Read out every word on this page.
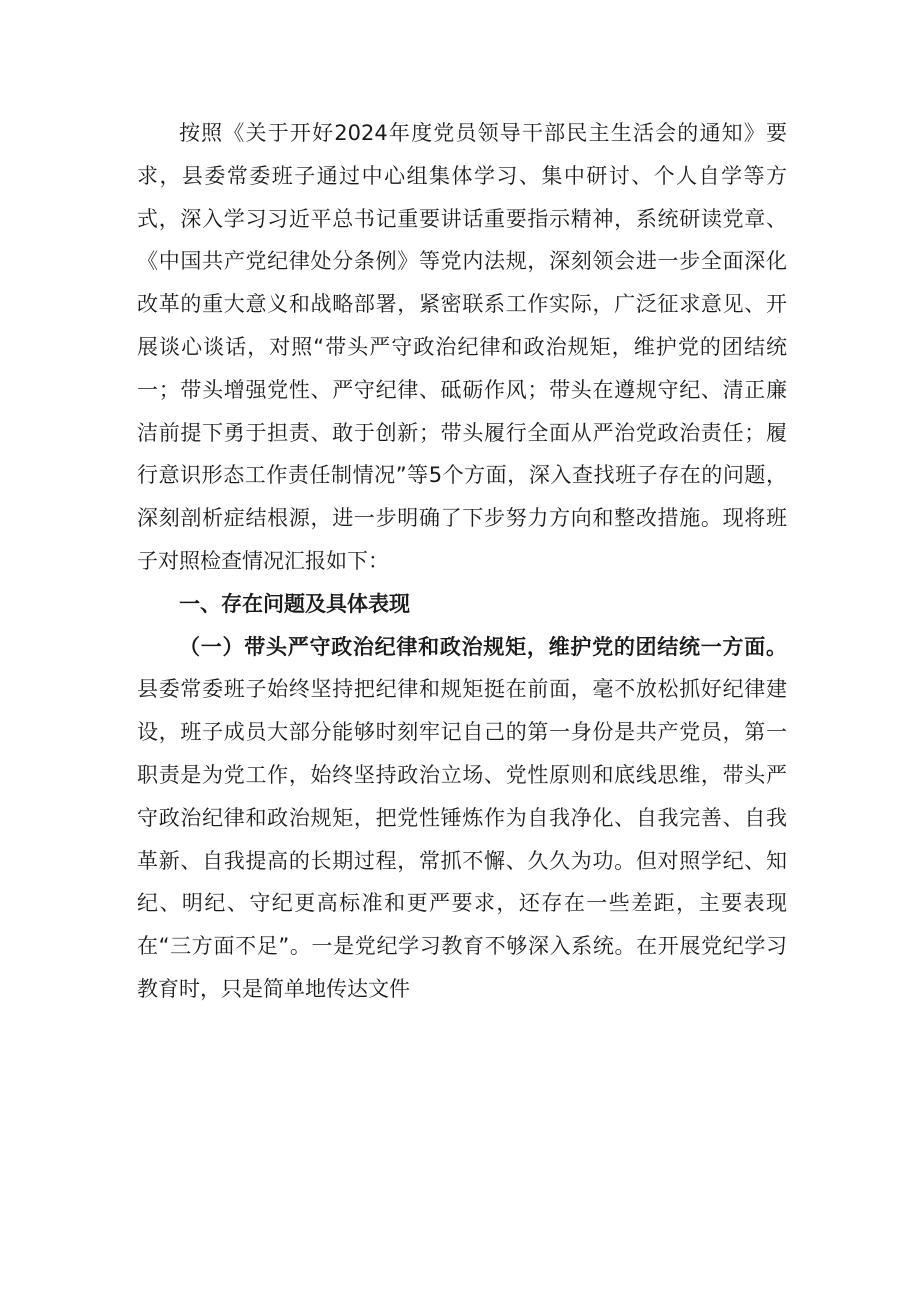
按照《关于开好2024年度党员领导干部民主生活会的通知》要求，县委常委班子通过中心组集体学习、集中研讨、个人自学等方式，深入学习习近平总书记重要讲话重要指示精神，系统研读党章、《中国共产党纪律处分条例》等党内法规，深刻领会进一步全面深化改革的重大意义和战略部署，紧密联系工作实际，广泛征求意见、开展谈心谈话，对照“带头严守政治纪律和政治规矩，维护党的团结统一；带头增强党性、严守纪律、砥砺作风；带头在遵规守纪、清正廉洁前提下勇于担责、敢于创新；带头履行全面从严治党政治责任；履行意识形态工作责任制情况”等5个方面，深入查找班子存在的问题，深刻剖析症结根源，进一步明确了下步努力方向和整改措施。现将班子对照检查情况汇报如下：

一、存在问题及具体表现

（一）带头严守政治纪律和政治规矩，维护党的团结统一方面。县委常委班子始终坚持把纪律和规矩挺在前面，毫不放松抓好纪律建设，班子成员大部分能够时刻牢记自己的第一身份是共产党员，第一职责是为党工作，始终坚持政治立场、党性原则和底线思维，带头严守政治纪律和政治规矩，把党性锤炼作为自我净化、自我完善、自我革新、自我提高的长期过程，常抓不懈、久久为功。但对照学纪、知纪、明纪、守纪更高标准和更严要求，还存在一些差距，主要表现在“三方面不足”。一是党纪学习教育不够深入系统。在开展党纪学习教育时，只是简单地传达文件
